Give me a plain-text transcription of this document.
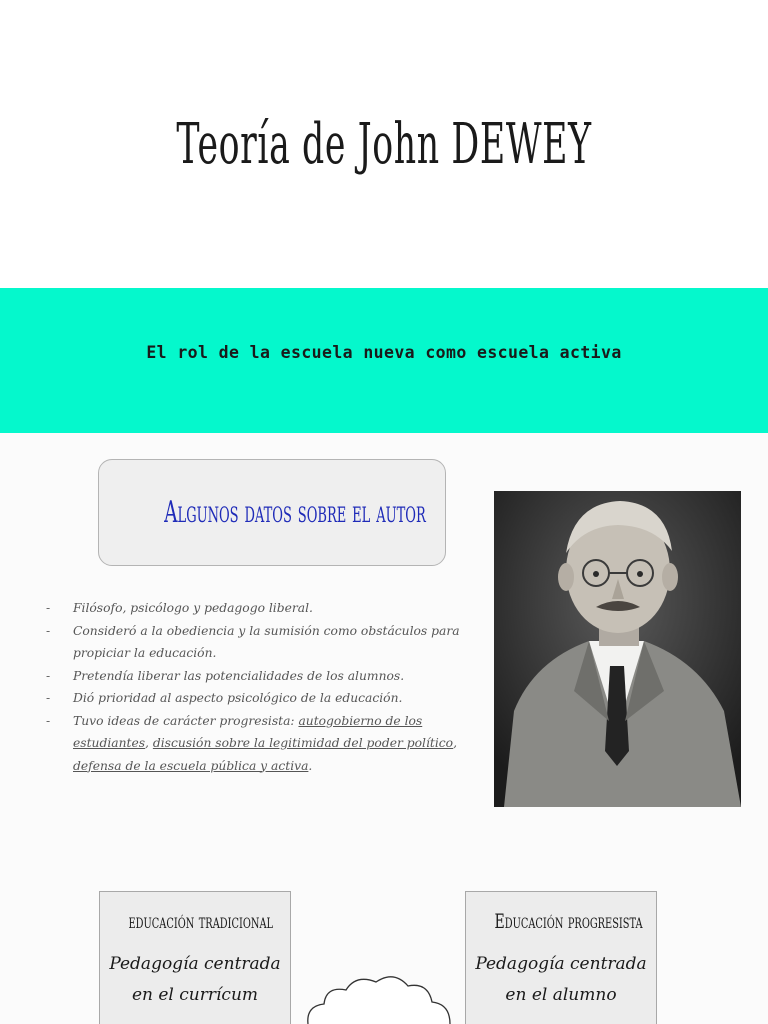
Teoría de John DEWEY
El rol de la escuela nueva como escuela activa
Algunos datos sobre el autor
- Filósofo, psicólogo y pedagogo liberal.
- Consideró a la obediencia y la sumisión como obstáculos para propiciar la educación.
- Pretendía liberar las potencialidades de los alumnos.
- Dió prioridad al aspecto psicológico de la educación.
- Tuvo ideas de carácter progresista: autogobierno de los estudiantes, discusión sobre la legitimidad del poder político, defensa de la escuela pública y activa.
educación tradicional
Pedagogía centrada
en el currícum
Educación progresista
Pedagogía centrada
en el alumno
